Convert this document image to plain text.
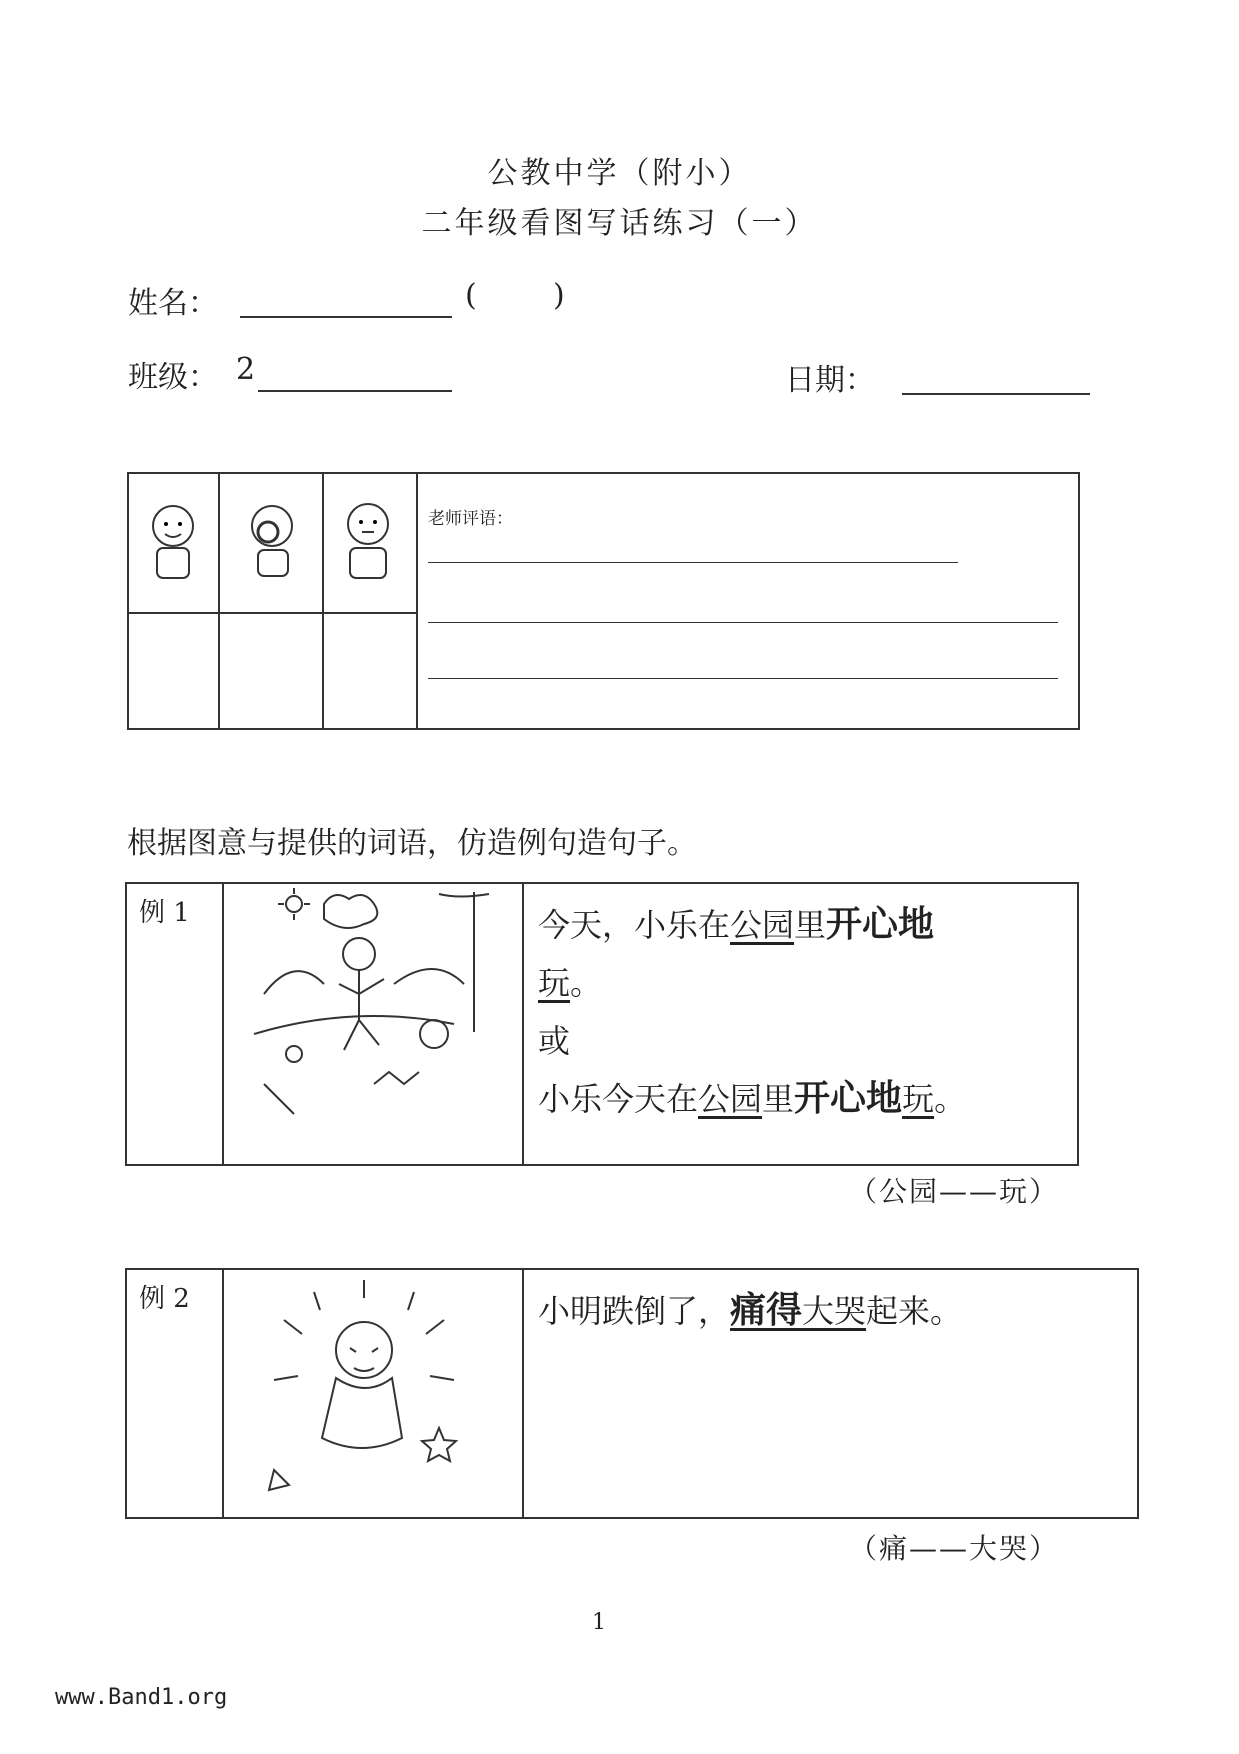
公教中学（附小）
二年级看图写话练习（一）
姓名：	(        )
班级： 2	日期：

老师评语：

根据图意与提供的词语，仿造例句造句子。
例 1	今天，小乐在公园里开心地
玩。
或
小乐今天在公园里开心地玩。
（公园——玩）
例 2	小明跌倒了，痛得大哭起来。
（痛——大哭）
1
www.Band1.org
